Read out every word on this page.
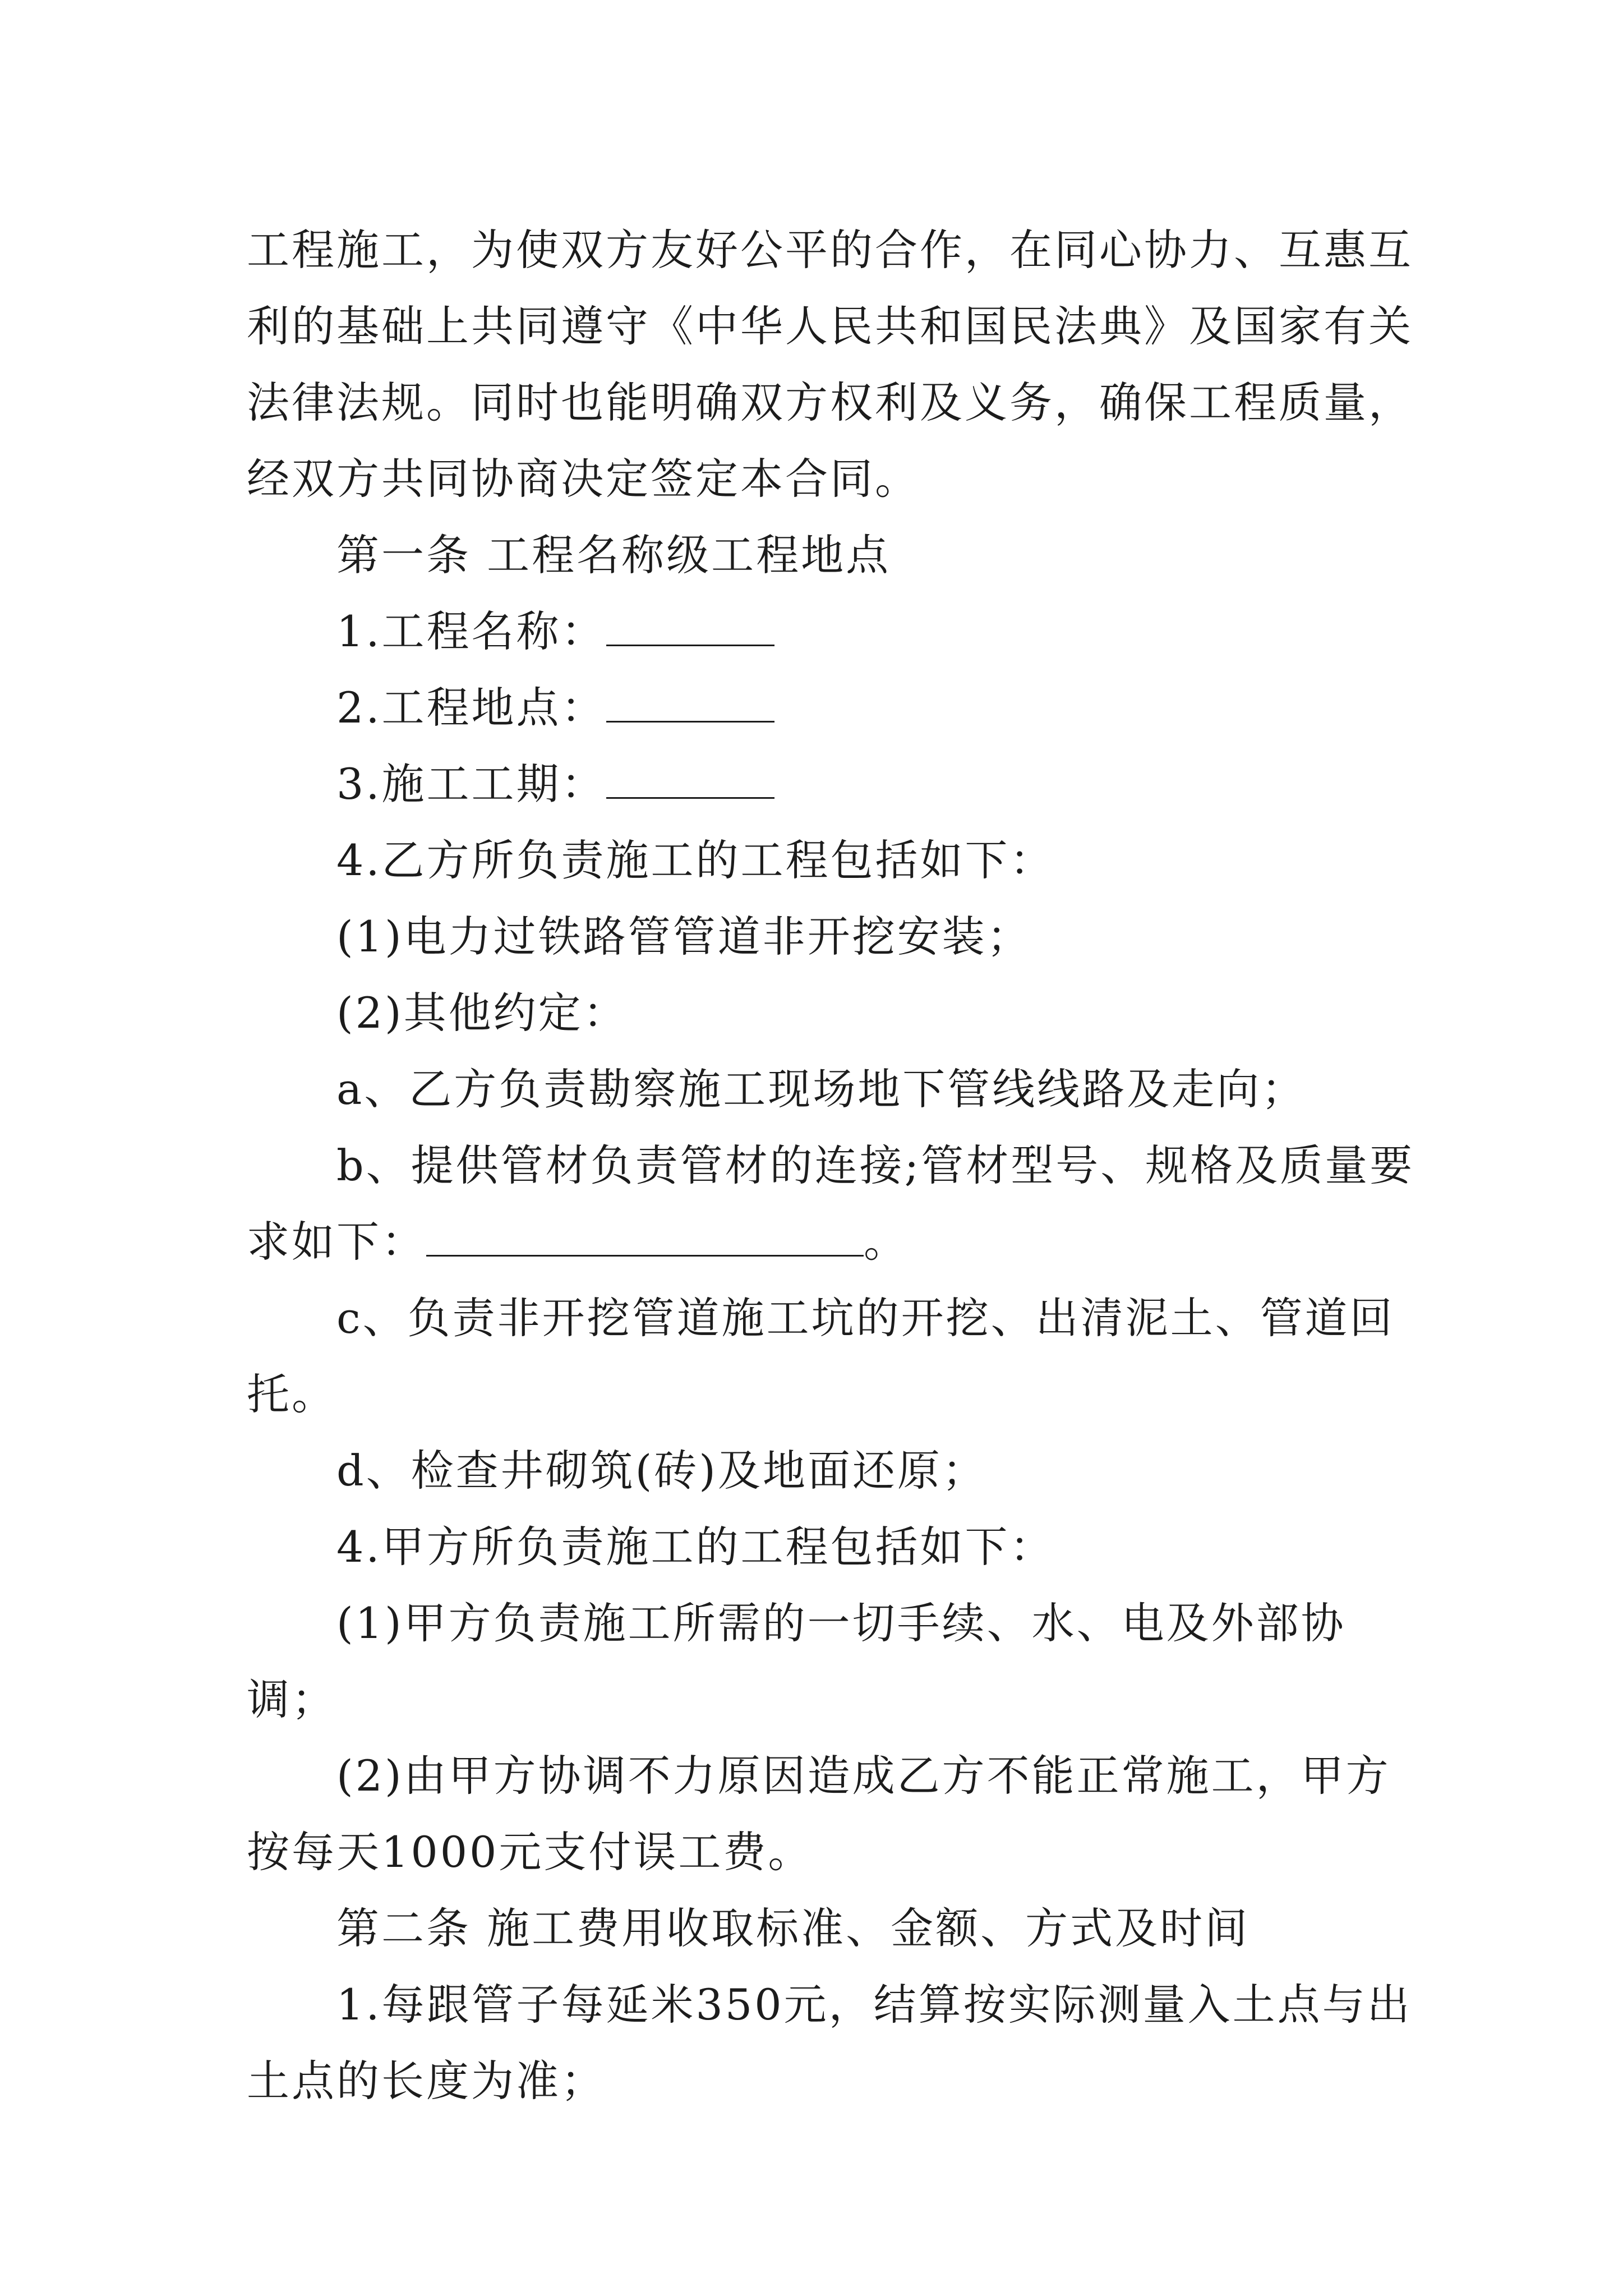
工程施工，为使双方友好公平的合作，在同心协力、互惠互利的基础上共同遵守《中华人民共和国民法典》及国家有关法律法规。同时也能明确双方权利及义务，确保工程质量，经双方共同协商决定签定本合同。

第一条 工程名称级工程地点

1.工程名称：

2.工程地点：

3.施工工期：

4.乙方所负责施工的工程包括如下：

(1)电力过铁路管管道非开挖安装；

(2)其他约定：

a、乙方负责勘察施工现场地下管线线路及走向；

b、提供管材负责管材的连接;管材型号、规格及质量要求如下：	。

c、负责非开挖管道施工坑的开挖、出清泥土、管道回托。

d、检查井砌筑(砖)及地面还原；

4.甲方所负责施工的工程包括如下：

(1)甲方负责施工所需的一切手续、水、电及外部协调；

(2)由甲方协调不力原因造成乙方不能正常施工，甲方按每天1000元支付误工费。

第二条 施工费用收取标准、金额、方式及时间

1.每跟管子每延米350元，结算按实际测量入土点与出土点的长度为准；
